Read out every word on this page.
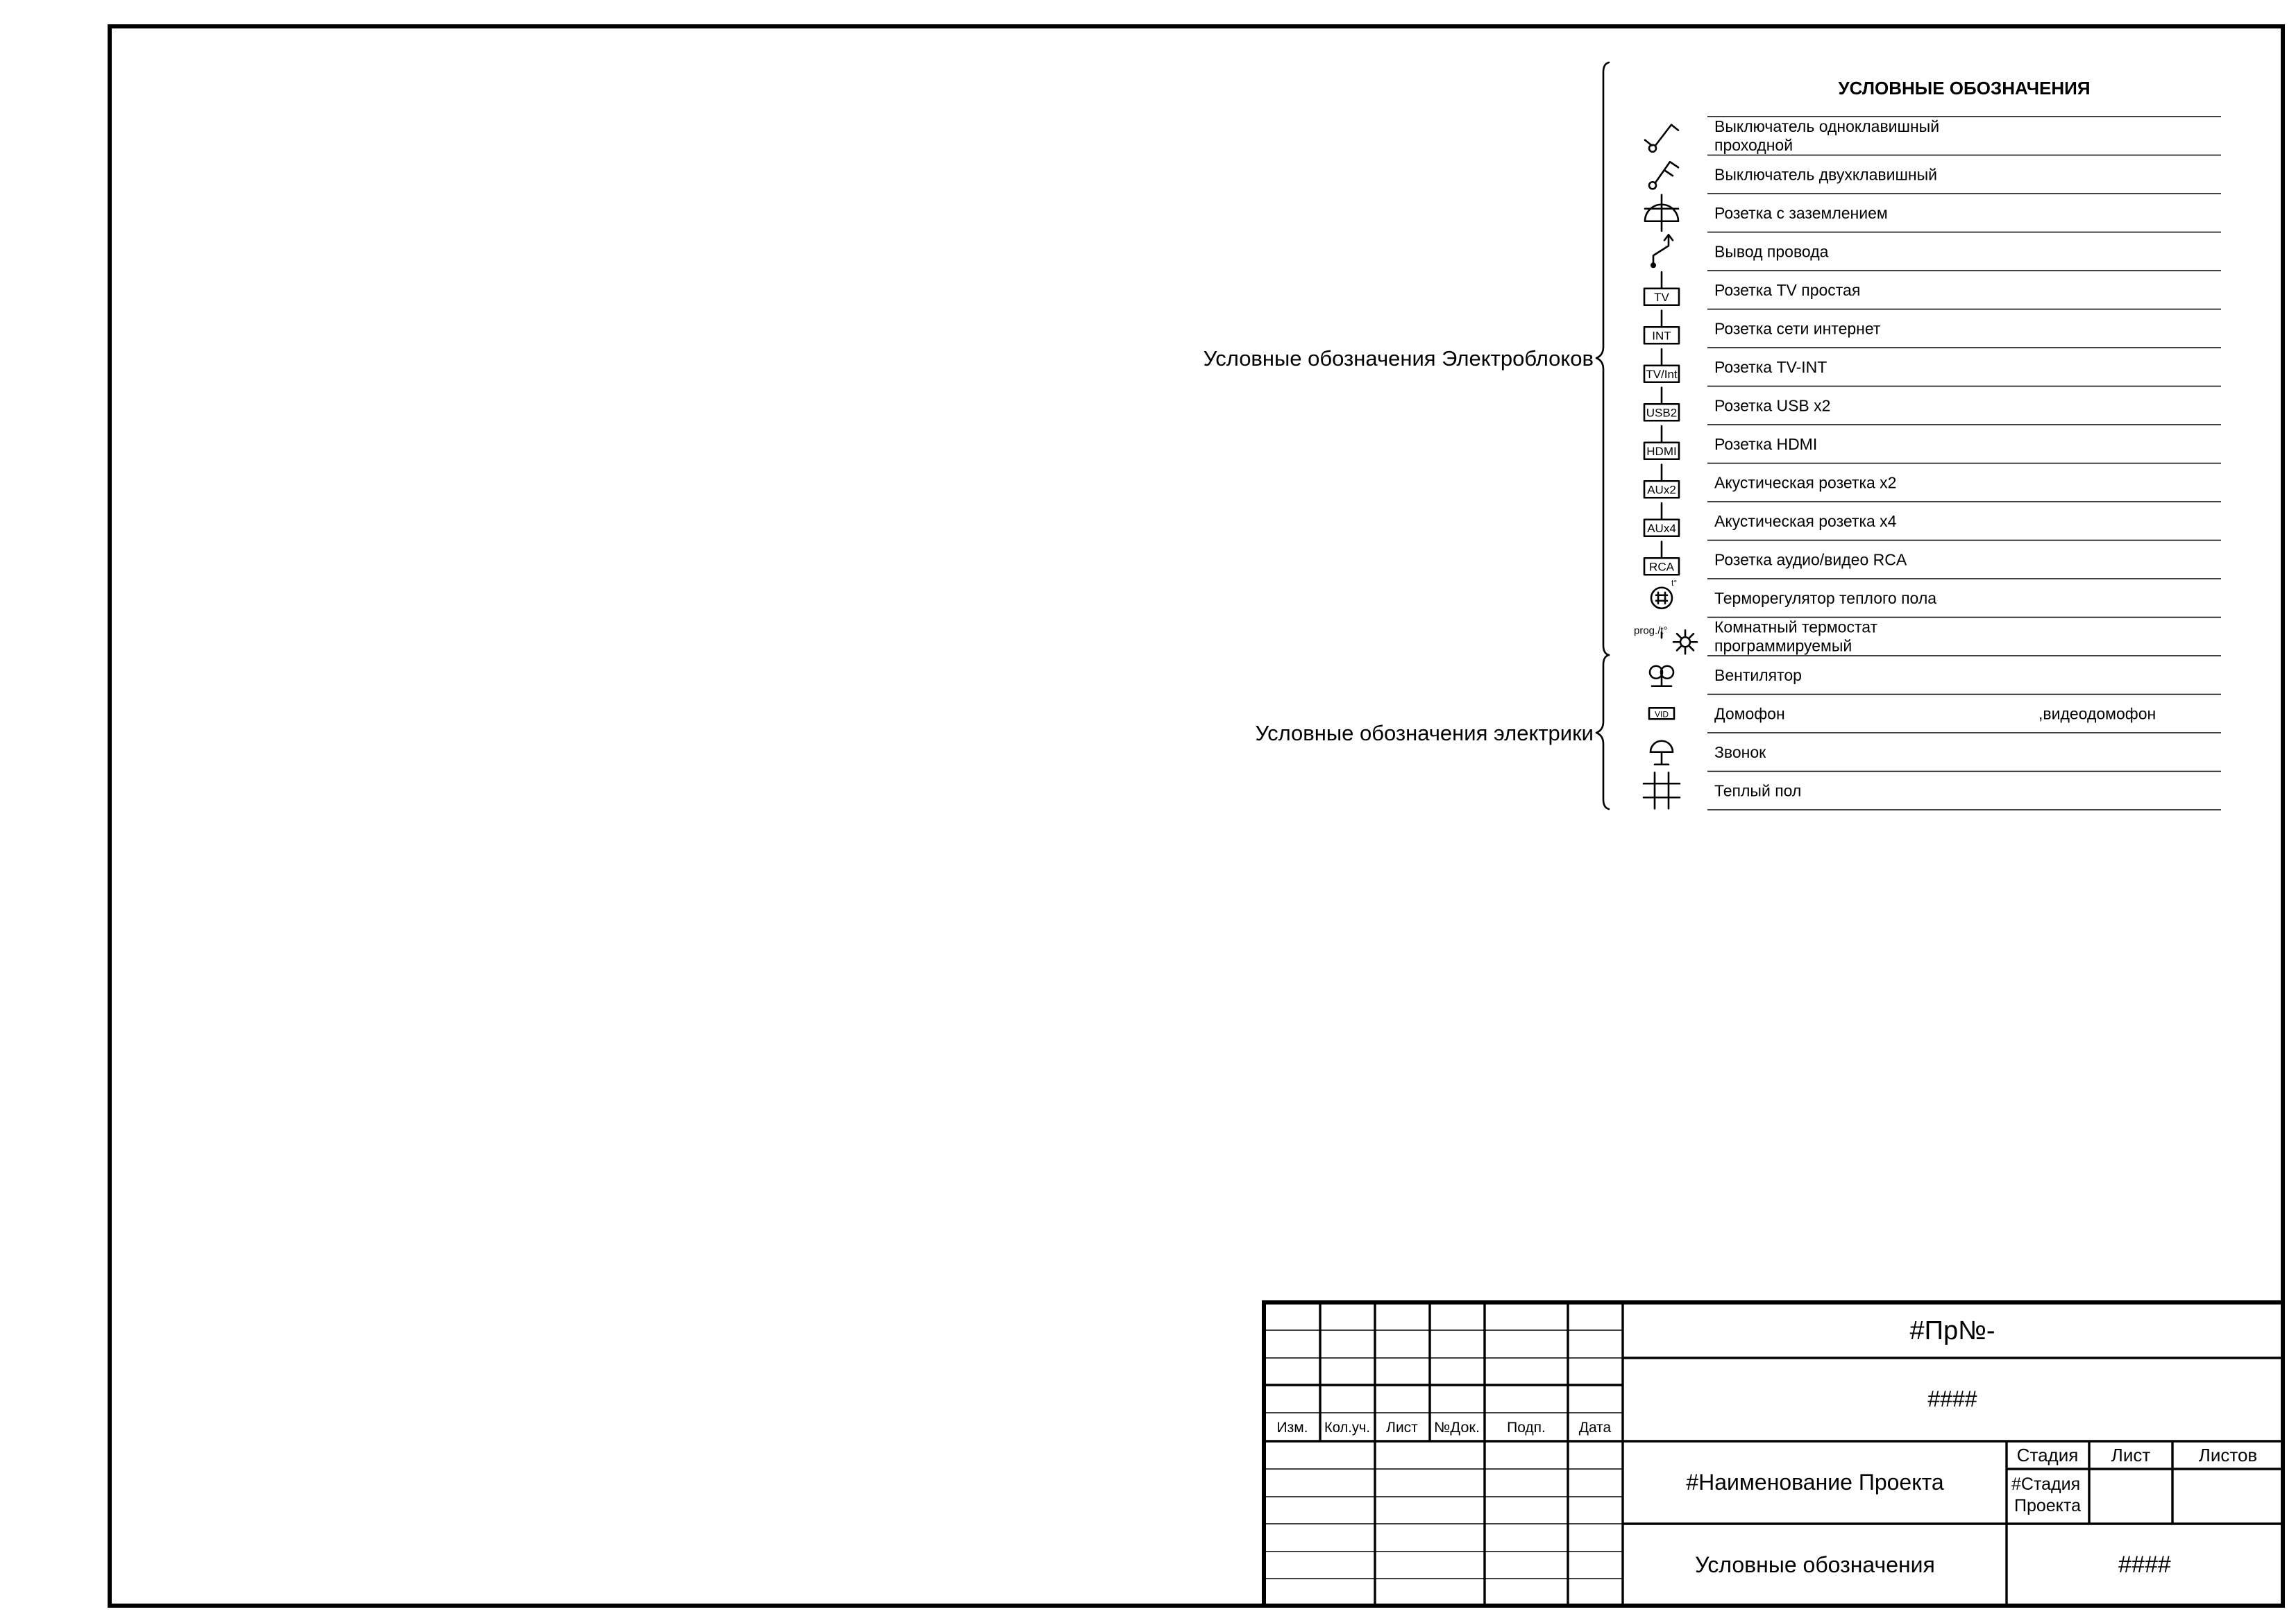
УСЛОВНЫЕ ОБОЗНАЧЕНИЯ
Выключатель одноклавишный
проходной
Выключатель двухклавишный
Розетка с заземлением
Вывод провода
Розетка TV простая
Розетка сети интернет
Розетка TV-INT
Розетка USB x2
Розетка HDMI
Акустическая розетка x2
Акустическая розетка x4
Розетка аудио/видео RCA
Терморегулятор теплого пола
Комнатный термостат
программируемый
Вентилятор
Домофон	,видеодомофон
Звонок
Теплый пол
TV
INT
TV/Int
USB2
HDMI
AUx2
AUx4
RCA
t°
prog./t°
VID
Условные обозначения Электроблоков
Условные обозначения электрики
Изм. Кол.уч. Лист №Док. Подп. Дата
#Пр№-
####
#Наименование Проекта
Условные обозначения	####
Стадия Лист	Листов
#Стадия
Проекта
